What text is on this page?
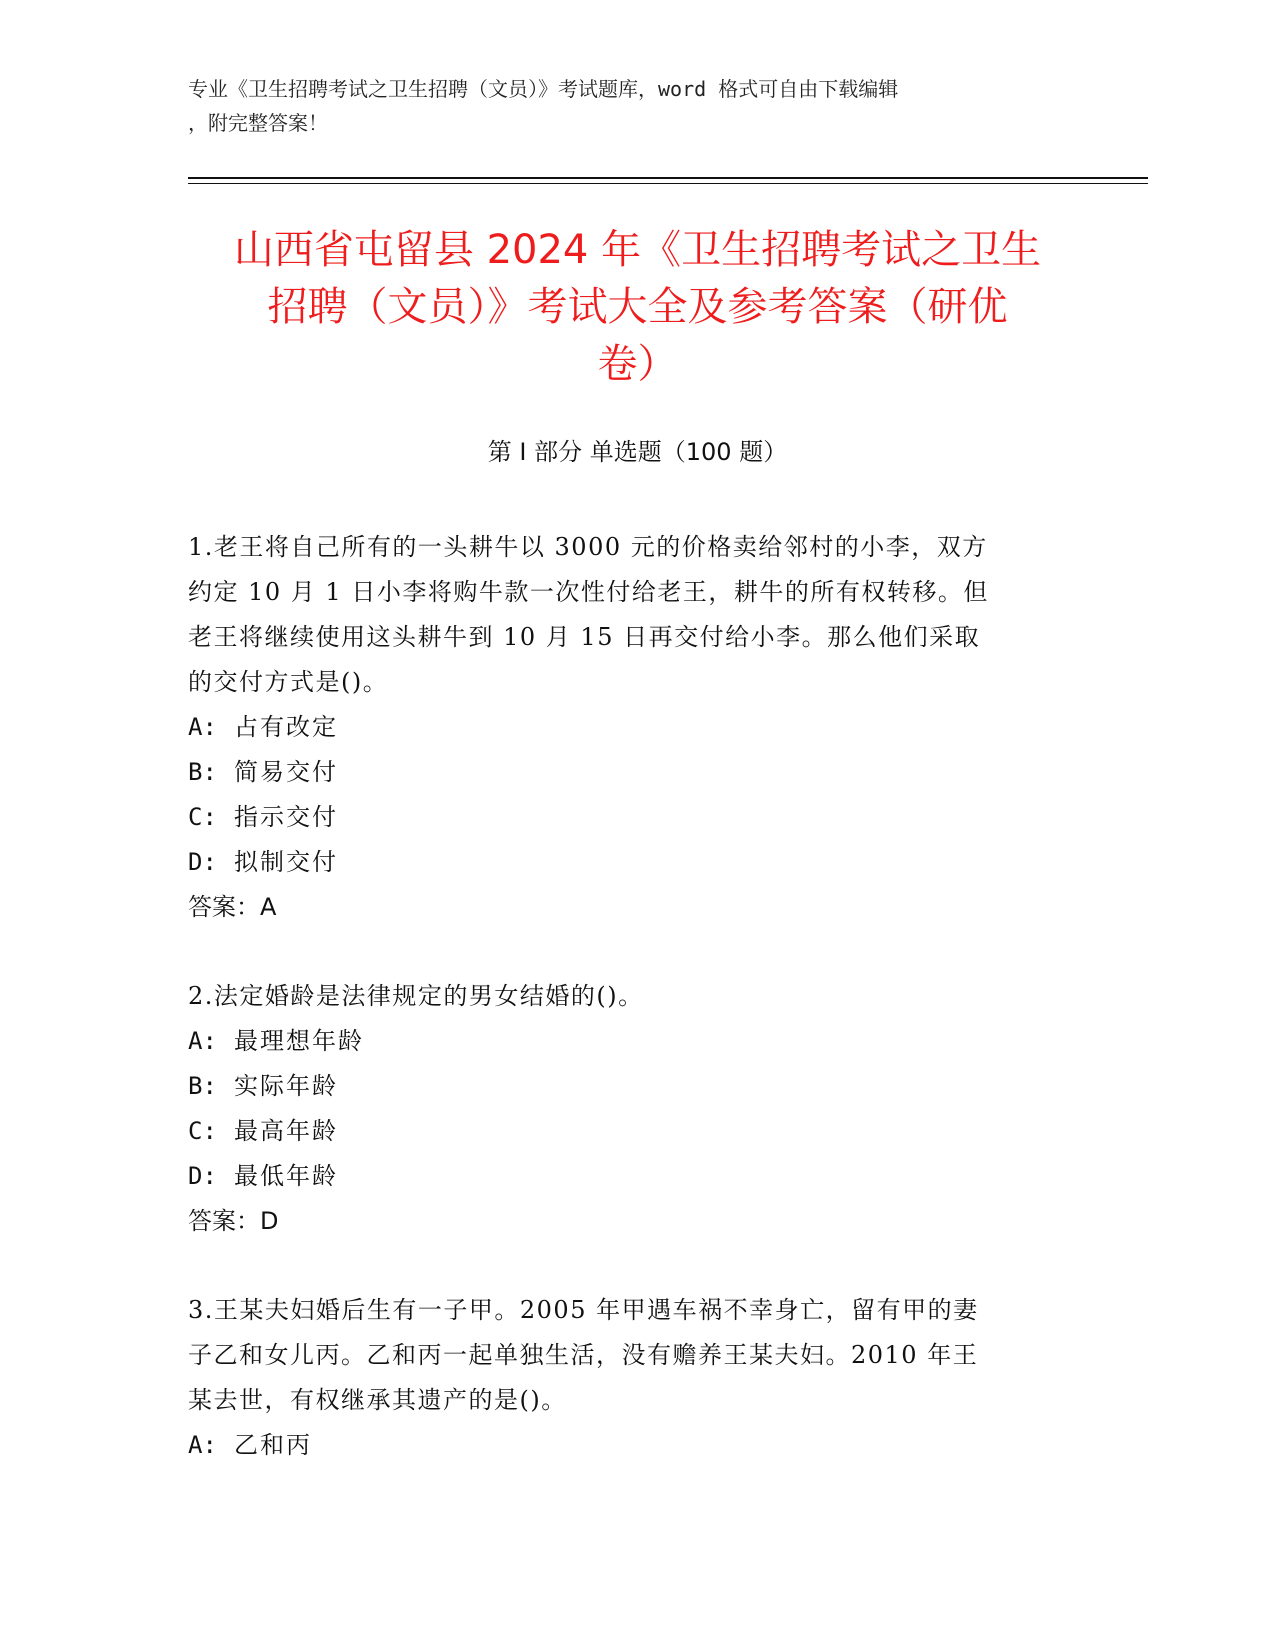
专业《卫生招聘考试之卫生招聘（文员）》考试题库，word 格式可自由下载编辑
，附完整答案！
山西省屯留县 2024 年《卫生招聘考试之卫生
招聘（文员）》考试大全及参考答案（研优
卷）
第 I 部分 单选题（100 题）

1.老王将自己所有的一头耕牛以 3000 元的价格卖给邻村的小李，双方

约定 10 月 1 日小李将购牛款一次性付给老王，耕牛的所有权转移。但

老王将继续使用这头耕牛到 10 月 15 日再交付给小李。那么他们采取

的交付方式是()。

A: 占有改定

B: 简易交付

C: 指示交付

D: 拟制交付

答案：A

2.法定婚龄是法律规定的男女结婚的()。

A: 最理想年龄

B: 实际年龄

C: 最高年龄

D: 最低年龄

答案：D

3.王某夫妇婚后生有一子甲。2005 年甲遇车祸不幸身亡，留有甲的妻

子乙和女儿丙。乙和丙一起单独生活，没有赡养王某夫妇。2010 年王

某去世，有权继承其遗产的是()。

A: 乙和丙
